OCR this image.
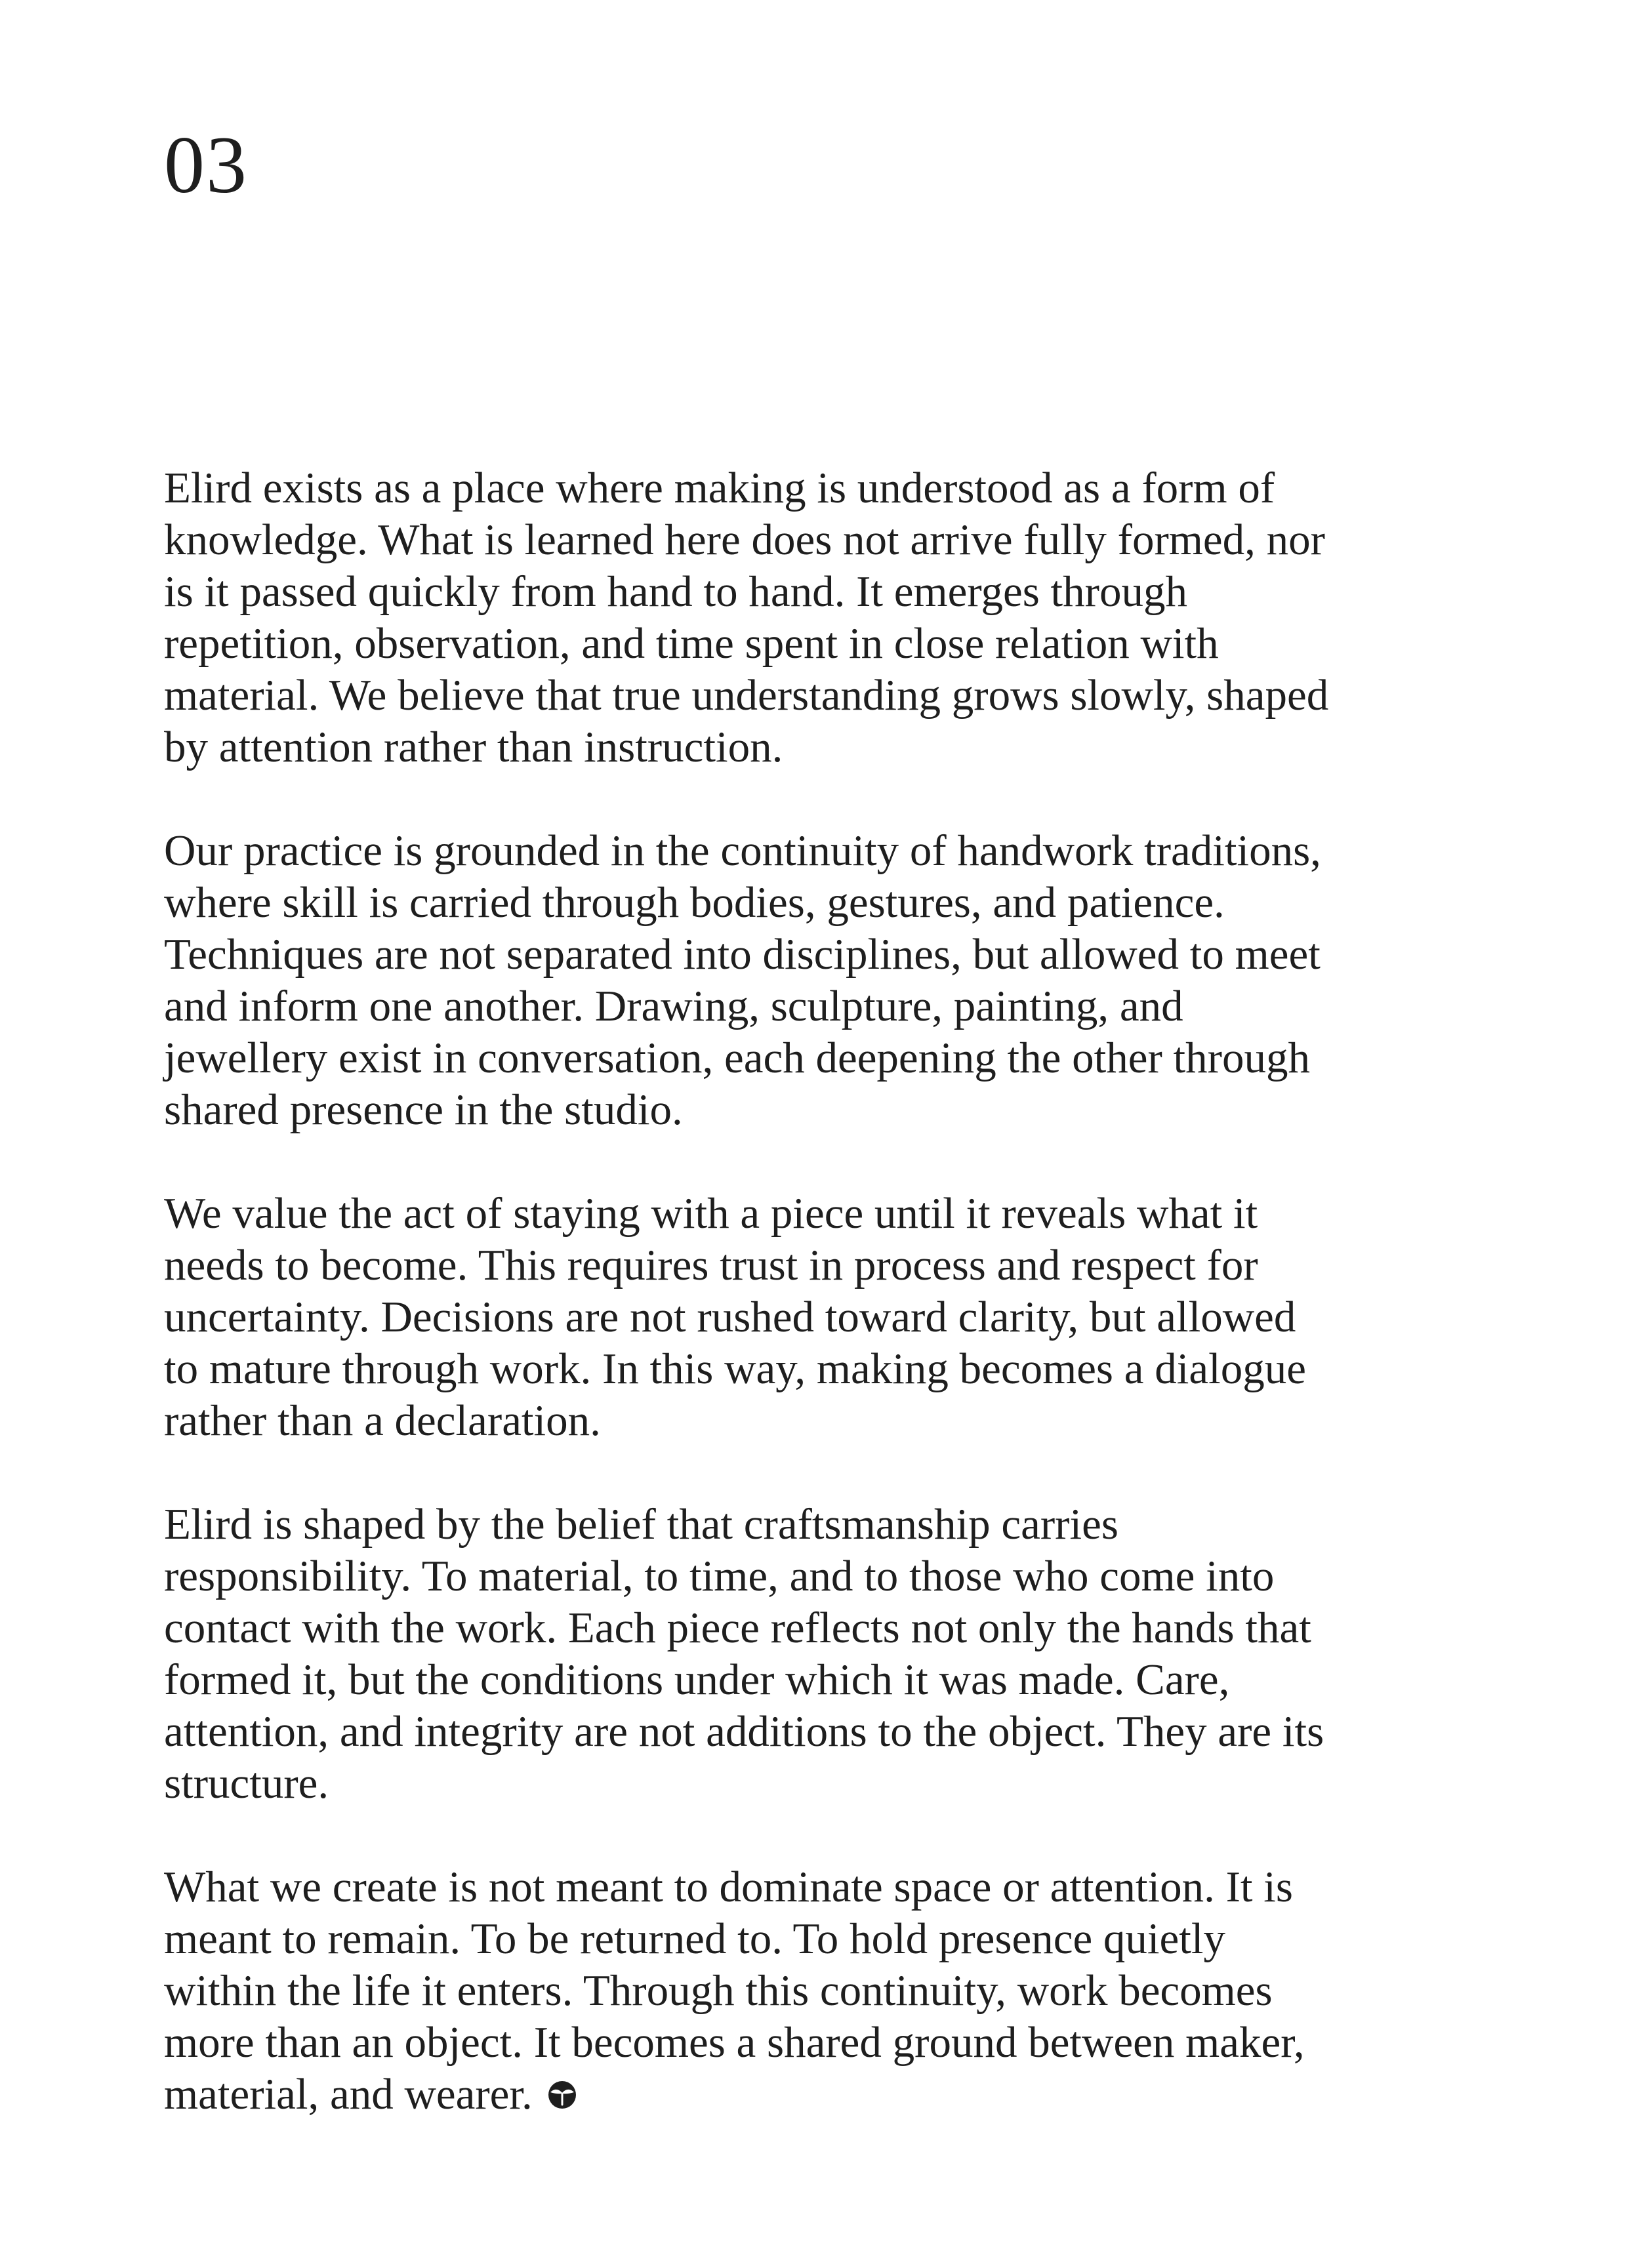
03

Elird exists as a place where making is understood as a form of
knowledge. What is learned here does not arrive fully formed, nor
is it passed quickly from hand to hand. It emerges through
repetition, observation, and time spent in close relation with
material. We believe that true understanding grows slowly, shaped
by attention rather than instruction.

Our practice is grounded in the continuity of handwork traditions,
where skill is carried through bodies, gestures, and patience.
Techniques are not separated into disciplines, but allowed to meet
and inform one another. Drawing, sculpture, painting, and
jewellery exist in conversation, each deepening the other through
shared presence in the studio.

We value the act of staying with a piece until it reveals what it
needs to become. This requires trust in process and respect for
uncertainty. Decisions are not rushed toward clarity, but allowed
to mature through work. In this way, making becomes a dialogue
rather than a declaration.

Elird is shaped by the belief that craftsmanship carries
responsibility. To material, to time, and to those who come into
contact with the work. Each piece reflects not only the hands that
formed it, but the conditions under which it was made. Care,
attention, and integrity are not additions to the object. They are its
structure.

What we create is not meant to dominate space or attention. It is
meant to remain. To be returned to. To hold presence quietly
within the life it enters. Through this continuity, work becomes
more than an object. It becomes a shared ground between maker,
material, and wearer.
